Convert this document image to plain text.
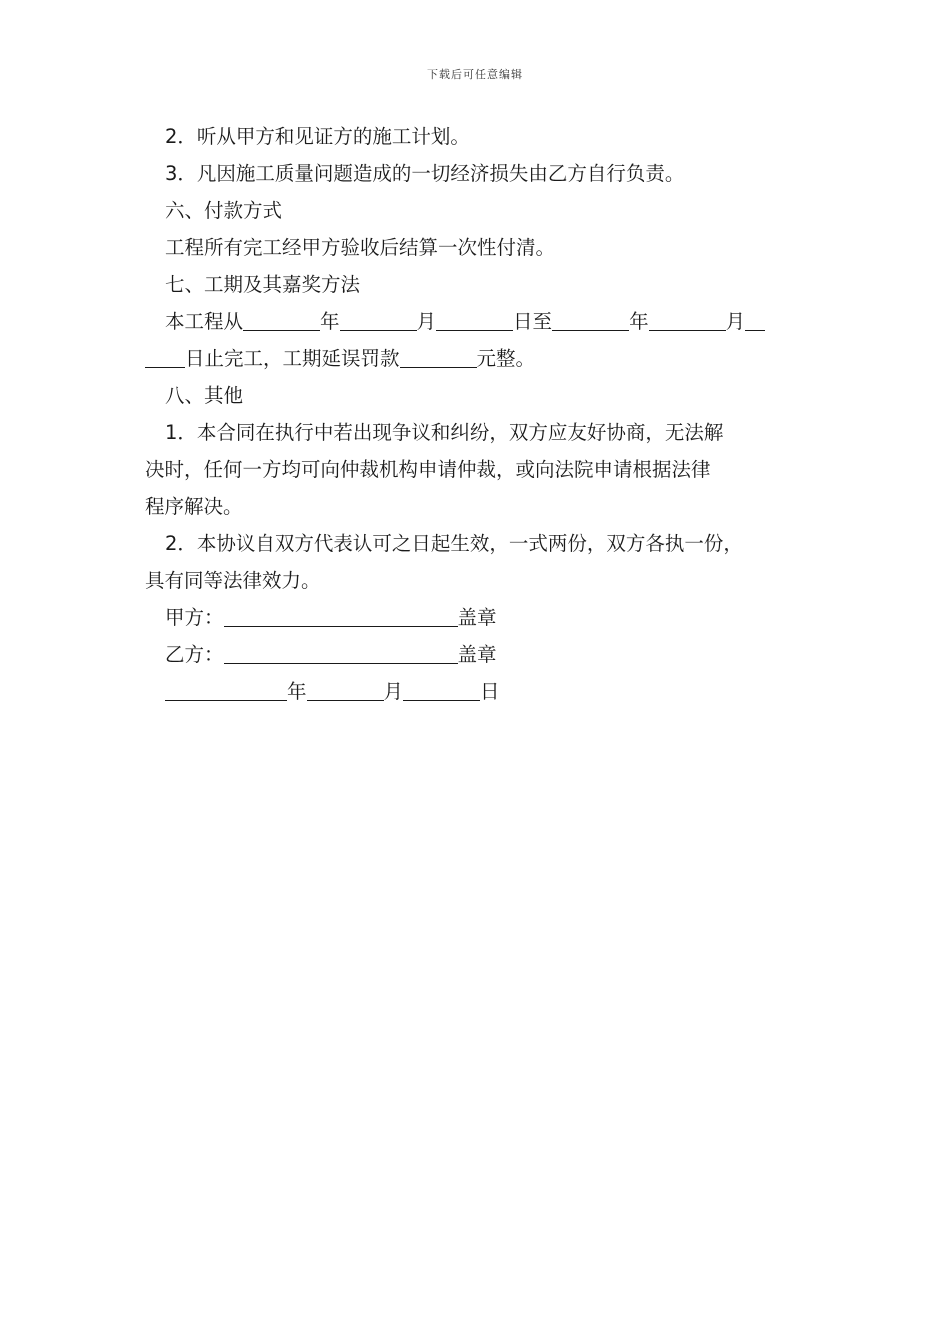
下载后可任意编辑
2．听从甲方和见证方的施工计划。
3．凡因施工质量问题造成的一切经济损失由乙方自行负责。
六、付款方式
工程所有完工经甲方验收后结算一次性付清。
七、工期及其嘉奖方法
本工程从	年	月	日至	年	月
日止完工，工期延误罚款	元整。
八、其他
1．本合同在执行中若出现争议和纠纷，双方应友好协商，无法解
决时，任何一方均可向仲裁机构申请仲裁，或向法院申请根据法律
程序解决。
2．本协议自双方代表认可之日起生效，一式两份，双方各执一份，
具有同等法律效力。
甲方：	盖章
乙方：	盖章
年	月	日
